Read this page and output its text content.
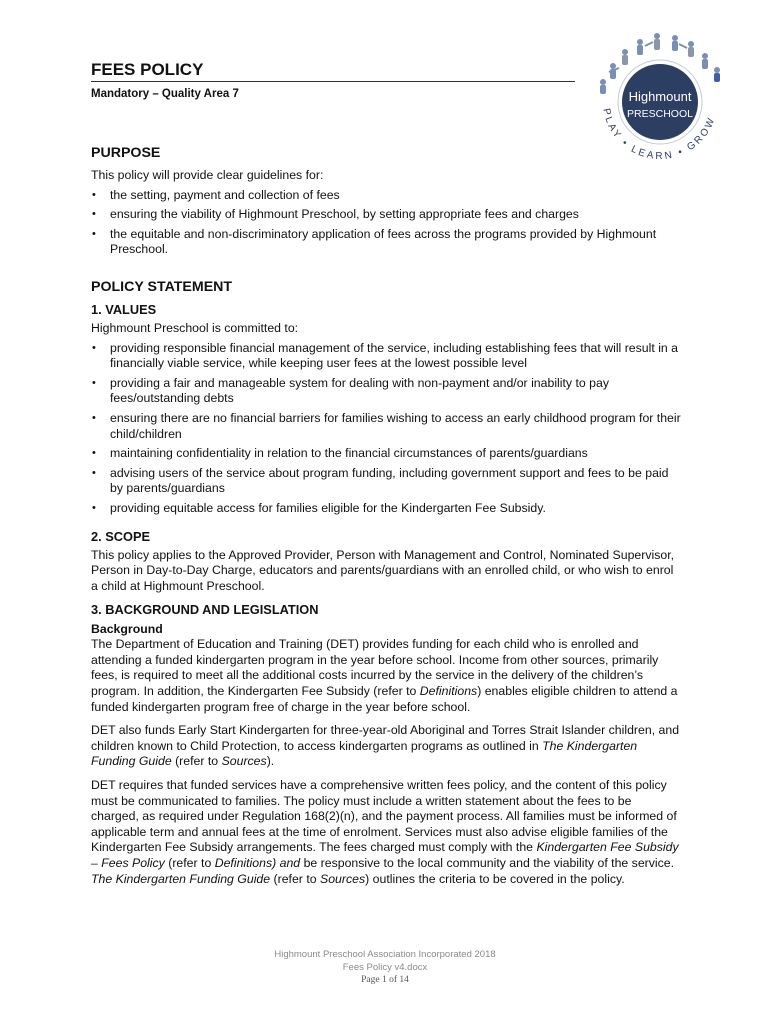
FEES POLICY
Mandatory – Quality Area 7	Highmount
PRESCHOOL
PLAY • LEARN • GROW
PURPOSE

This policy will provide clear guidelines for:

• the setting, payment and collection of fees
• ensuring the viability of Highmount Preschool, by setting appropriate fees and charges
• the equitable and non-discriminatory application of fees across the programs provided by Highmount Preschool.
POLICY STATEMENT
1. VALUES

Highmount Preschool is committed to:

• providing responsible financial management of the service, including establishing fees that will result in a financially viable service, while keeping user fees at the lowest possible level
• providing a fair and manageable system for dealing with non-payment and/or inability to pay fees/outstanding debts
• ensuring there are no financial barriers for families wishing to access an early childhood program for their child/children
• maintaining confidentiality in relation to the financial circumstances of parents/guardians
• advising users of the service about program funding, including government support and fees to be paid by parents/guardians
• providing equitable access for families eligible for the Kindergarten Fee Subsidy.
2. SCOPE

This policy applies to the Approved Provider, Person with Management and Control, Nominated Supervisor, Person in Day-to-Day Charge, educators and parents/guardians with an enrolled child, or who wish to enrol a child at Highmount Preschool.

3. BACKGROUND AND LEGISLATION
Background

The Department of Education and Training (DET) provides funding for each child who is enrolled and attending a funded kindergarten program in the year before school. Income from other sources, primarily fees, is required to meet all the additional costs incurred by the service in the delivery of the children’s program. In addition, the Kindergarten Fee Subsidy (refer to Definitions) enables eligible children to attend a funded kindergarten program free of charge in the year before school.

DET also funds Early Start Kindergarten for three-year-old Aboriginal and Torres Strait Islander children, and children known to Child Protection, to access kindergarten programs as outlined in The Kindergarten Funding Guide (refer to Sources).

DET requires that funded services have a comprehensive written fees policy, and the content of this policy must be communicated to families. The policy must include a written statement about the fees to be charged, as required under Regulation 168(2)(n), and the payment process. All families must be informed of applicable term and annual fees at the time of enrolment. Services must also advise eligible families of the Kindergarten Fee Subsidy arrangements. The fees charged must comply with the Kindergarten Fee Subsidy – Fees Policy (refer to Definitions) and be responsive to the local community and the viability of the service. The Kindergarten Funding Guide (refer to Sources) outlines the criteria to be covered in the policy.

Highmount Preschool Association Incorporated 2018
Fees Policy v4.docx
Page 1 of 14
